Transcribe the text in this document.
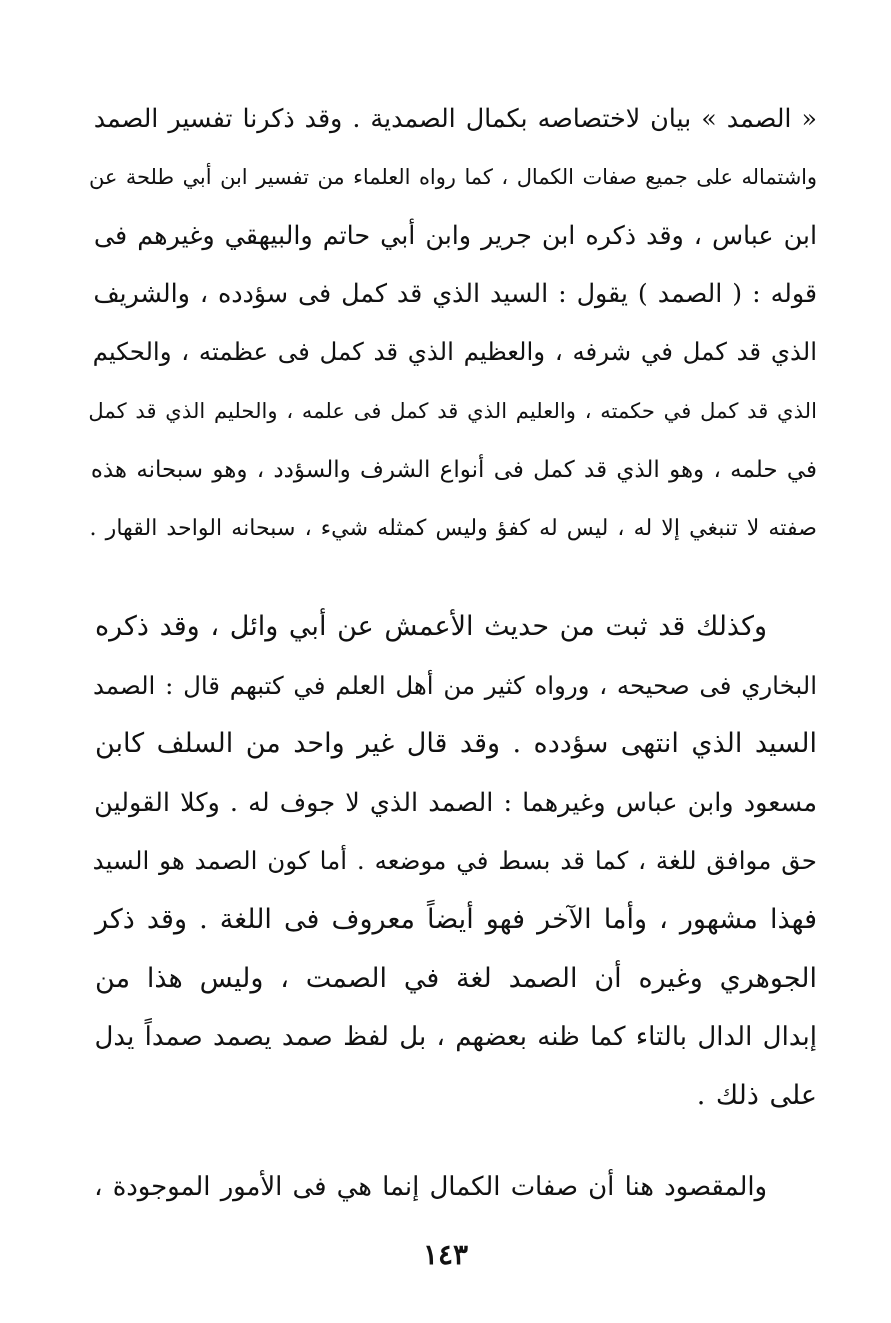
« الصمد » بيان لاختصاصه بكمال الصمدية . وقد ذكرنا تفسير الصمد
واشتماله على جميع صفات الكمال ، كما رواه العلماء من تفسير ابن أبي طلحة عن
ابن عباس ، وقد ذكره ابن جرير وابن أبي حاتم والبيهقي وغيرهم فى
قوله : ( الصمد ) يقول : السيد الذي قد كمل فى سؤدده ، والشريف
الذي قد كمل في شرفه ، والعظيم الذي قد كمل فى عظمته ، والحكيم
الذي قد كمل في حكمته ، والعليم الذي قد كمل فى علمه ، والحليم الذي قد كمل
في حلمه ، وهو الذي قد كمل فى أنواع الشرف والسؤدد ، وهو سبحانه هذه
صفته لا تنبغي إلا له ، ليس له كفؤ وليس كمثله شيء ، سبحانه الواحد القهار .
وكذلك قد ثبت من حديث الأعمش عن أبي وائل ، وقد ذكره
البخاري فى صحيحه ، ورواه كثير من أهل العلم في كتبهم قال : الصمد
السيد الذي انتهى سؤدده . وقد قال غير واحد من السلف كابن
مسعود وابن عباس وغيرهما : الصمد الذي لا جوف له . وكلا القولين
حق موافق للغة ، كما قد بسط في موضعه . أما كون الصمد هو السيد
فهذا مشهور ، وأما الآخر فهو أيضاً معروف فى اللغة . وقد ذكر
الجوهري وغيره أن الصمد لغة في الصمت ، وليس هذا من
إبدال الدال بالتاء كما ظنه بعضهم ، بل لفظ صمد يصمد صمداً يدل
على ذلك .
والمقصود هنا أن صفات الكمال إنما هي فى الأمور الموجودة ،
١٤٣
